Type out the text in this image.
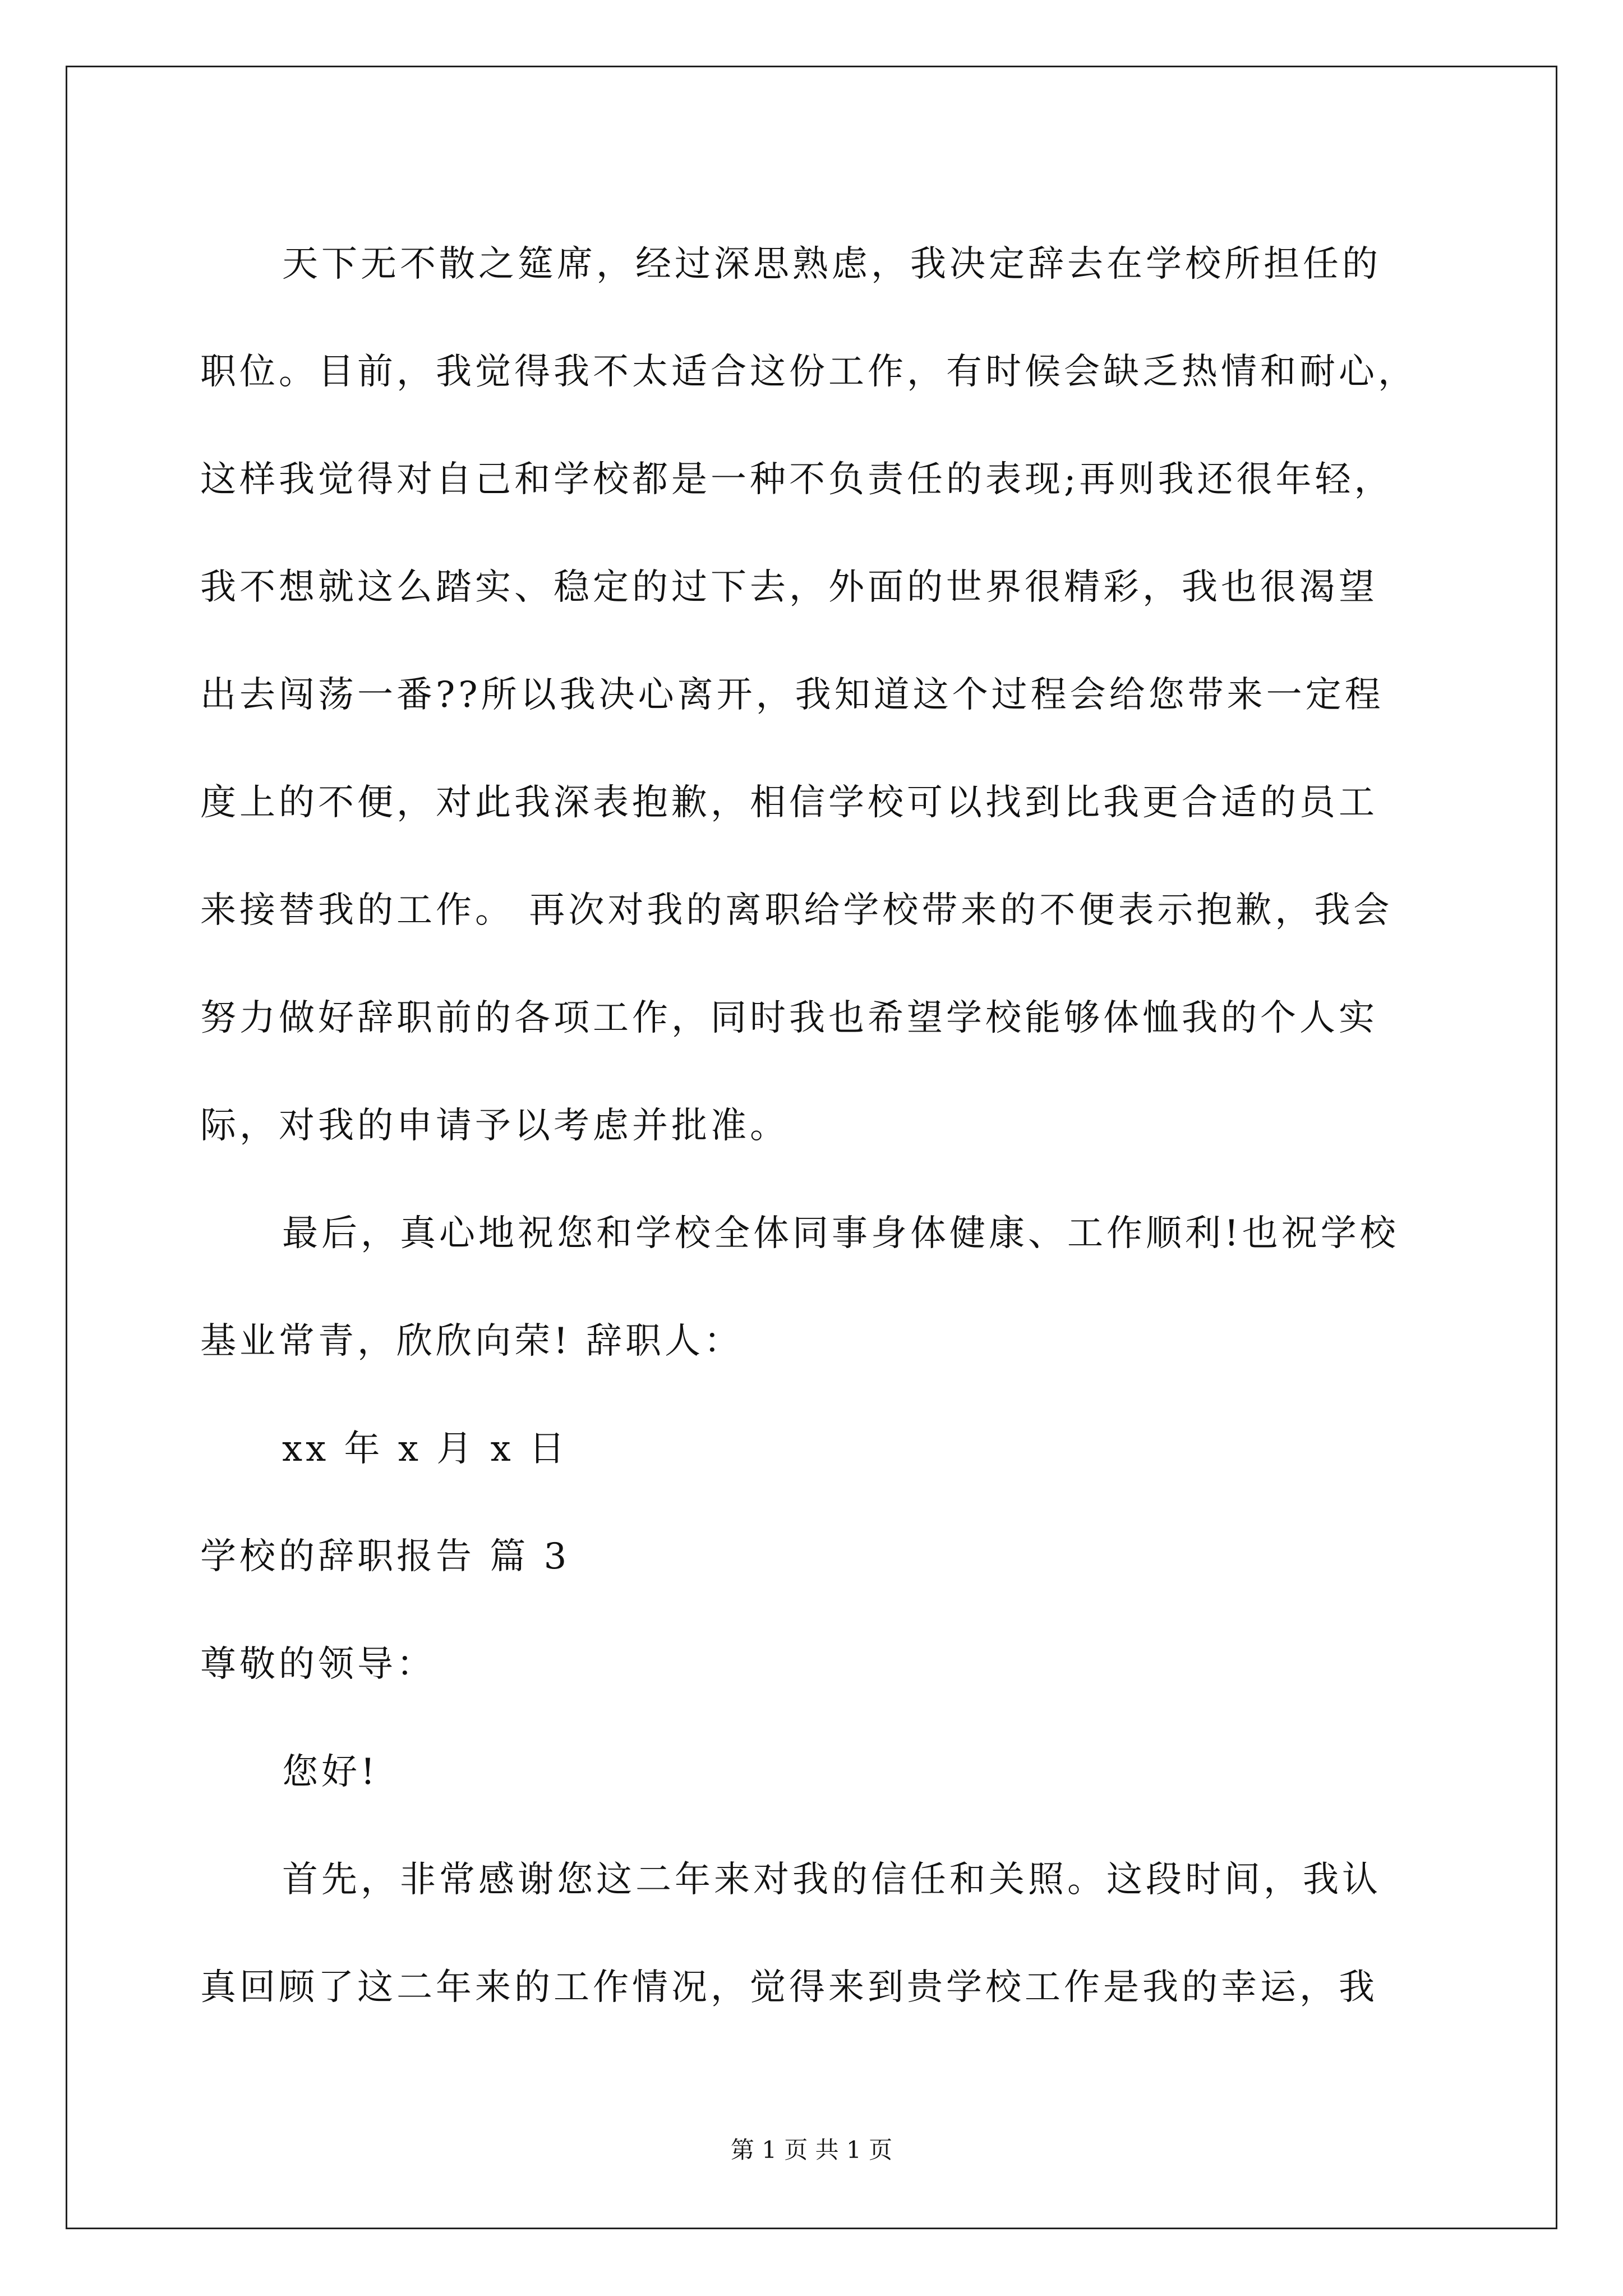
天下无不散之筵席，经过深思熟虑，我决定辞去在学校所担任的
职位。目前，我觉得我不太适合这份工作，有时候会缺乏热情和耐心，
这样我觉得对自己和学校都是一种不负责任的表现;再则我还很年轻，
我不想就这么踏实、稳定的过下去，外面的世界很精彩，我也很渴望
出去闯荡一番??所以我决心离开，我知道这个过程会给您带来一定程
度上的不便，对此我深表抱歉，相信学校可以找到比我更合适的员工
来接替我的工作。 再次对我的离职给学校带来的不便表示抱歉，我会
努力做好辞职前的各项工作，同时我也希望学校能够体恤我的个人实
际，对我的申请予以考虑并批准。
最后，真心地祝您和学校全体同事身体健康、工作顺利!也祝学校
基业常青，欣欣向荣! 辞职人：
xx 年 x 月 x 日
学校的辞职报告 篇 3
尊敬的领导：
您好!
首先，非常感谢您这二年来对我的信任和关照。这段时间，我认
真回顾了这二年来的工作情况，觉得来到贵学校工作是我的幸运，我
第 1 页 共 1 页
